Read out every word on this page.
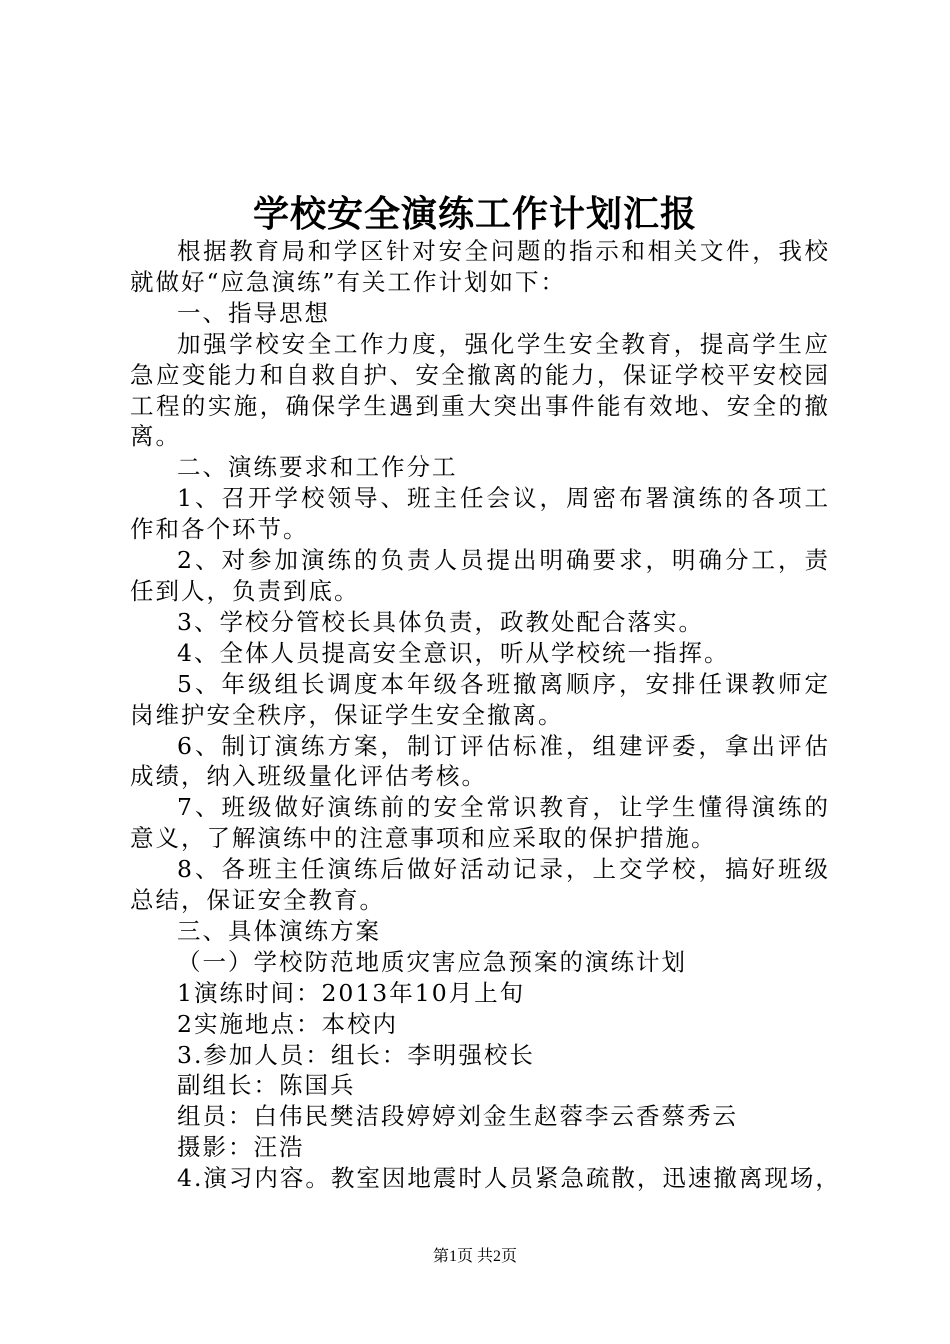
学校安全演练工作计划汇报

根据教育局和学区针对安全问题的指示和相关文件，我校就做好“应急演练”有关工作计划如下：

一、指导思想

加强学校安全工作力度，强化学生安全教育，提高学生应急应变能力和自救自护、安全撤离的能力，保证学校平安校园工程的实施，确保学生遇到重大突出事件能有效地、安全的撤离。

二、演练要求和工作分工

1、召开学校领导、班主任会议，周密布署演练的各项工作和各个环节。

2、对参加演练的负责人员提出明确要求，明确分工，责任到人，负责到底。

3、学校分管校长具体负责，政教处配合落实。

4、全体人员提高安全意识，听从学校统一指挥。

5、年级组长调度本年级各班撤离顺序，安排任课教师定岗维护安全秩序，保证学生安全撤离。

6、制订演练方案，制订评估标准，组建评委，拿出评估成绩，纳入班级量化评估考核。

7、班级做好演练前的安全常识教育，让学生懂得演练的意义，了解演练中的注意事项和应采取的保护措施。

8、各班主任演练后做好活动记录，上交学校，搞好班级总结，保证安全教育。

三、具体演练方案

（一）学校防范地质灾害应急预案的演练计划

1演练时间：2013年10月上旬

2实施地点：本校内

3.参加人员：组长：李明强校长

副组长：陈国兵

组员：白伟民樊洁段婷婷刘金生赵蓉李云香蔡秀云

摄影：汪浩

4.演习内容。教室因地震时人员紧急疏散，迅速撤离现场，

第1页 共2页
